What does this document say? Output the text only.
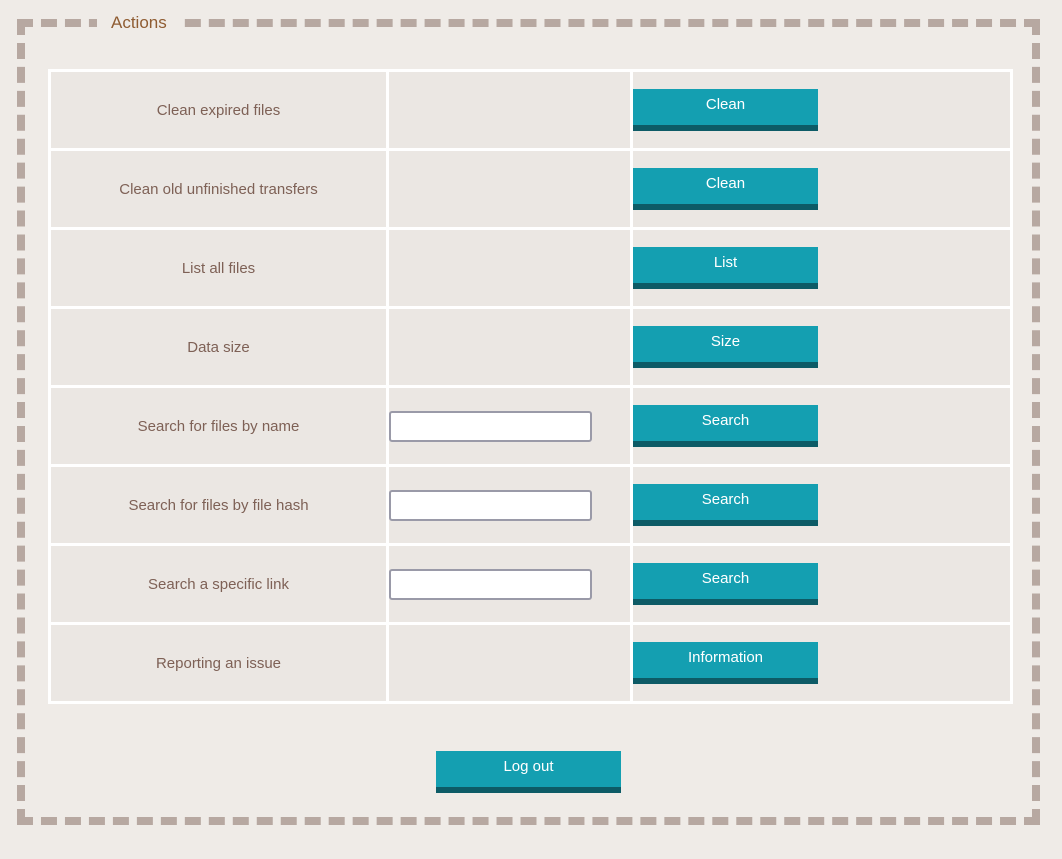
Actions
Clean expired files		Clean
Clean old unfinished transfers		Clean
List all files		List
Data size		Size
Search for files by name		Search
Search for files by file hash		Search
Search a specific link		Search
Reporting an issue		Information
Log out
